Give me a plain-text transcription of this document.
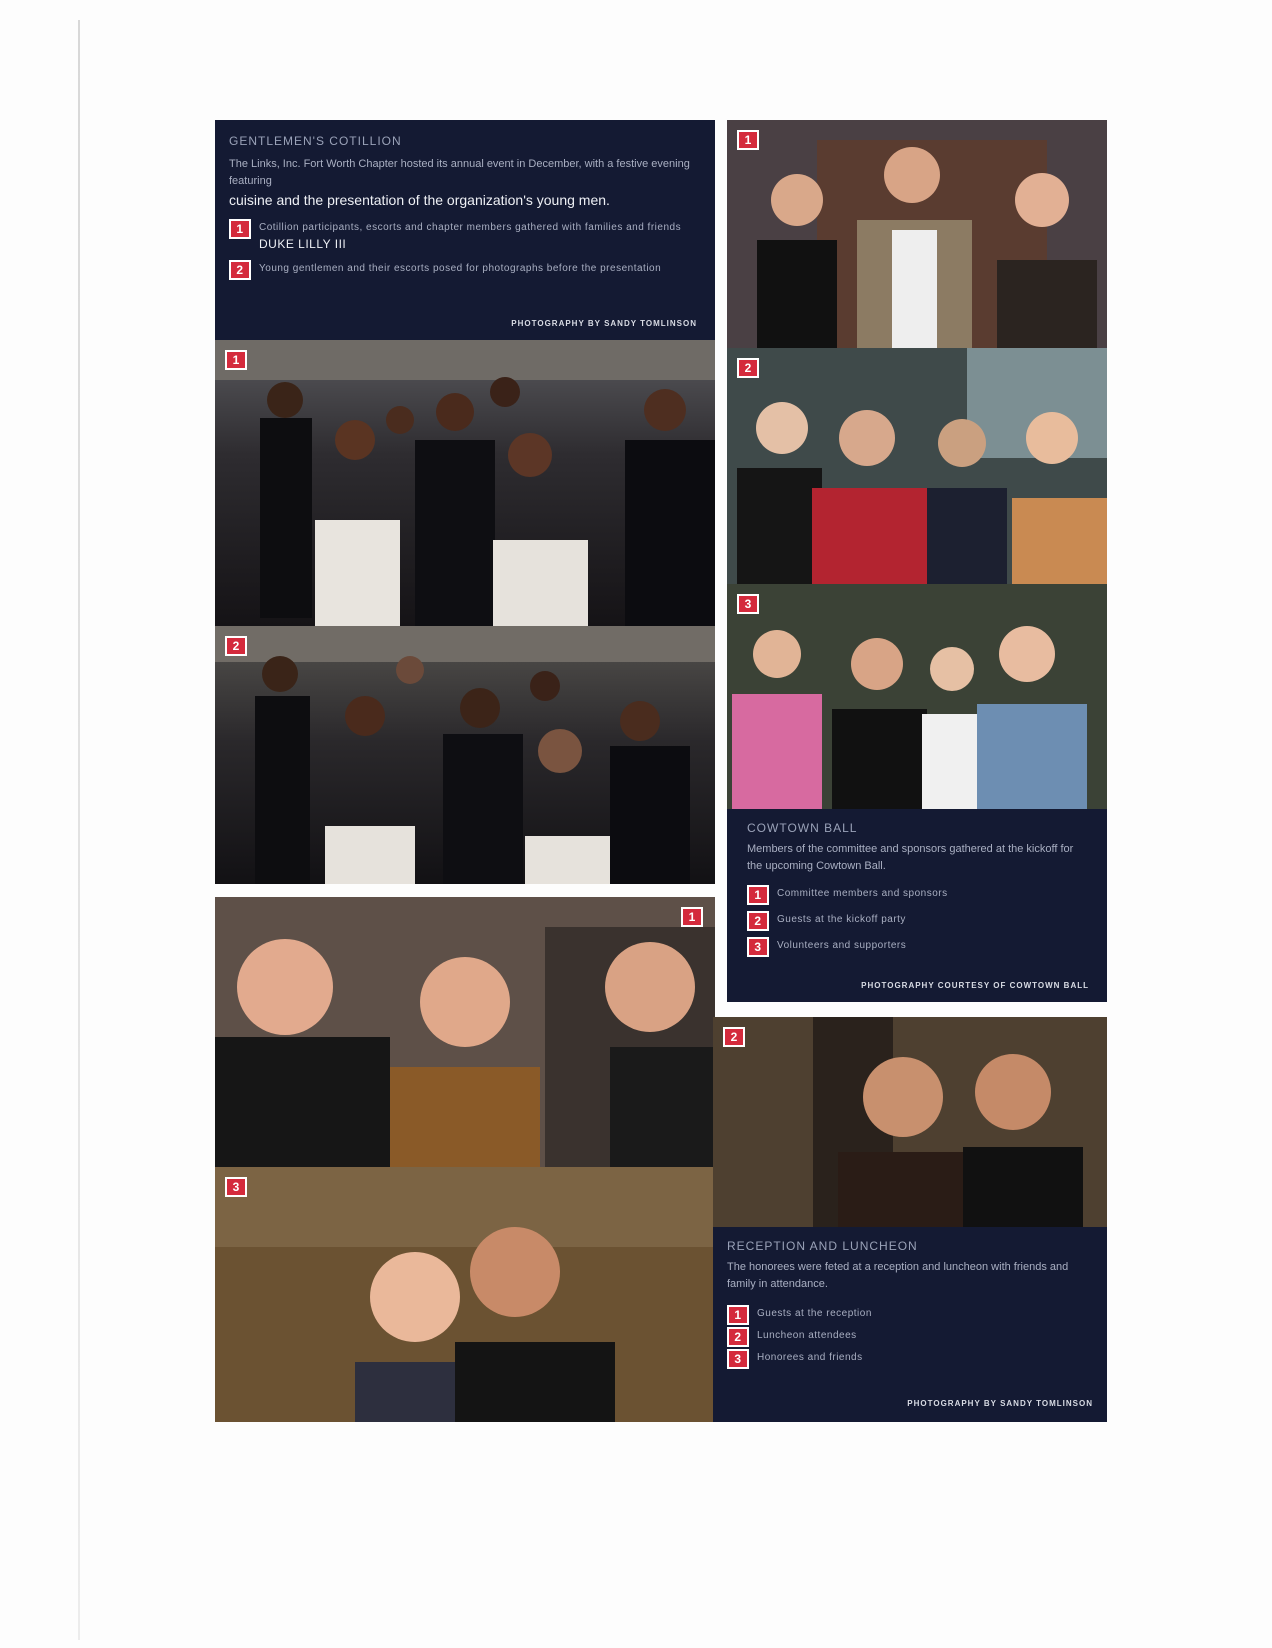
GENTLEMEN'S COTILLION
The Links, Inc. Fort Worth Chapter hosted its annual event in December, with a festive evening featuring
cuisine and the presentation of the organization's young men.
1	Cotillion participants, escorts and chapter members gathered with families and friends
DUKE LILLY III
2	Young gentlemen and their escorts posed for photographs before the presentation
PHOTOGRAPHY BY SANDY TOMLINSON
1
2
1
2
3
COWTOWN BALL
Members of the committee and sponsors gathered at the kickoff for the upcoming Cowtown Ball.
1	Committee members and sponsors
2	Guests at the kickoff party
3	Volunteers and supporters
PHOTOGRAPHY COURTESY OF COWTOWN BALL
1
3
2
RECEPTION AND LUNCHEON
The honorees were feted at a reception and luncheon with friends and family in attendance.
1	Guests at the reception
2	Luncheon attendees
3	Honorees and friends
PHOTOGRAPHY BY SANDY TOMLINSON
